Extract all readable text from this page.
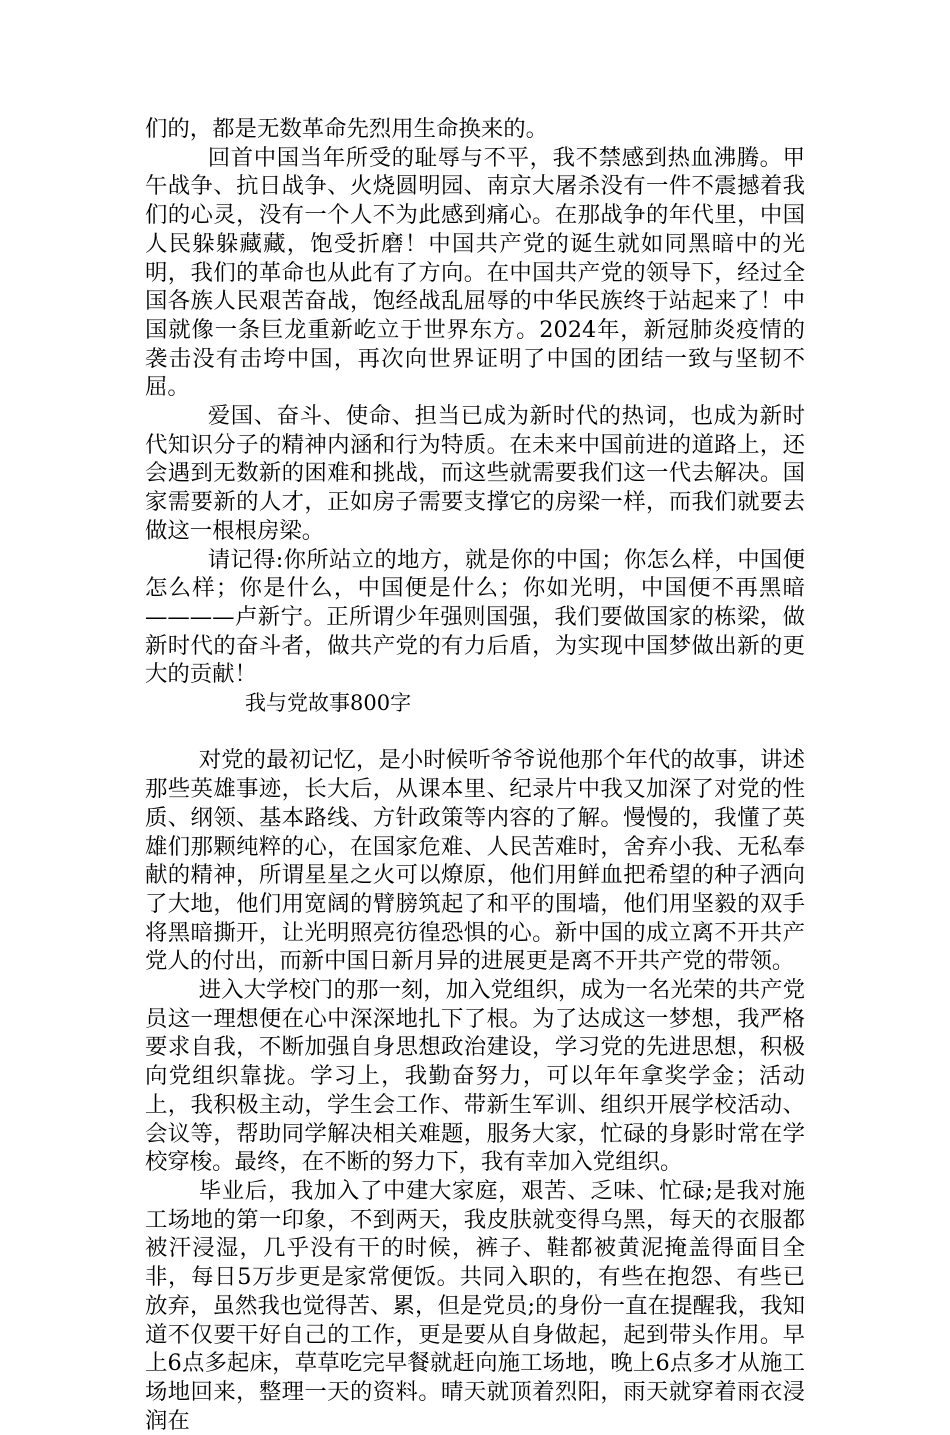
们的，都是无数革命先烈用生命换来的。

回首中国当年所受的耻辱与不平，我不禁感到热血沸腾。甲午战争、抗日战争、火烧圆明园、南京大屠杀没有一件不震撼着我们的心灵，没有一个人不为此感到痛心。在那战争的年代里，中国人民躲躲藏藏，饱受折磨！中国共产党的诞生就如同黑暗中的光明，我们的革命也从此有了方向。在中国共产党的领导下，经过全国各族人民艰苦奋战，饱经战乱屈辱的中华民族终于站起来了！中国就像一条巨龙重新屹立于世界东方。2024年，新冠肺炎疫情的袭击没有击垮中国，再次向世界证明了中国的团结一致与坚韧不屈。

爱国、奋斗、使命、担当已成为新时代的热词，也成为新时代知识分子的精神内涵和行为特质。在未来中国前进的道路上，还会遇到无数新的困难和挑战，而这些就需要我们这一代去解决。国家需要新的人才，正如房子需要支撑它的房梁一样，而我们就要去做这一根根房梁。

请记得:你所站立的地方，就是你的中国；你怎么样，中国便怎么样；你是什么，中国便是什么；你如光明，中国便不再黑暗————卢新宁。正所谓少年强则国强，我们要做国家的栋梁，做新时代的奋斗者，做共产党的有力后盾，为实现中国梦做出新的更大的贡献！

我与党故事800字

对党的最初记忆，是小时候听爷爷说他那个年代的故事，讲述那些英雄事迹，长大后，从课本里、纪录片中我又加深了对党的性质、纲领、基本路线、方针政策等内容的了解。慢慢的，我懂了英雄们那颗纯粹的心，在国家危难、人民苦难时，舍弃小我、无私奉献的精神，所谓星星之火可以燎原，他们用鲜血把希望的种子洒向了大地，他们用宽阔的臂膀筑起了和平的围墙，他们用坚毅的双手将黑暗撕开，让光明照亮彷徨恐惧的心。新中国的成立离不开共产党人的付出，而新中国日新月异的进展更是离不开共产党的带领。

进入大学校门的那一刻，加入党组织，成为一名光荣的共产党员这一理想便在心中深深地扎下了根。为了达成这一梦想，我严格要求自我，不断加强自身思想政治建设，学习党的先进思想，积极向党组织靠拢。学习上，我勤奋努力，可以年年拿奖学金；活动上，我积极主动，学生会工作、带新生军训、组织开展学校活动、会议等，帮助同学解决相关难题，服务大家，忙碌的身影时常在学校穿梭。最终，在不断的努力下，我有幸加入党组织。

毕业后，我加入了中建大家庭，艰苦、乏味、忙碌;是我对施工场地的第一印象，不到两天，我皮肤就变得乌黑，每天的衣服都被汗浸湿，几乎没有干的时候，裤子、鞋都被黄泥掩盖得面目全非，每日5万步更是家常便饭。共同入职的，有些在抱怨、有些已放弃，虽然我也觉得苦、累，但是党员;的身份一直在提醒我，我知道不仅要干好自己的工作，更是要从自身做起，起到带头作用。早上6点多起床，草草吃完早餐就赶向施工场地，晚上6点多才从施工场地回来，整理一天的资料。晴天就顶着烈阳，雨天就穿着雨衣浸润在
